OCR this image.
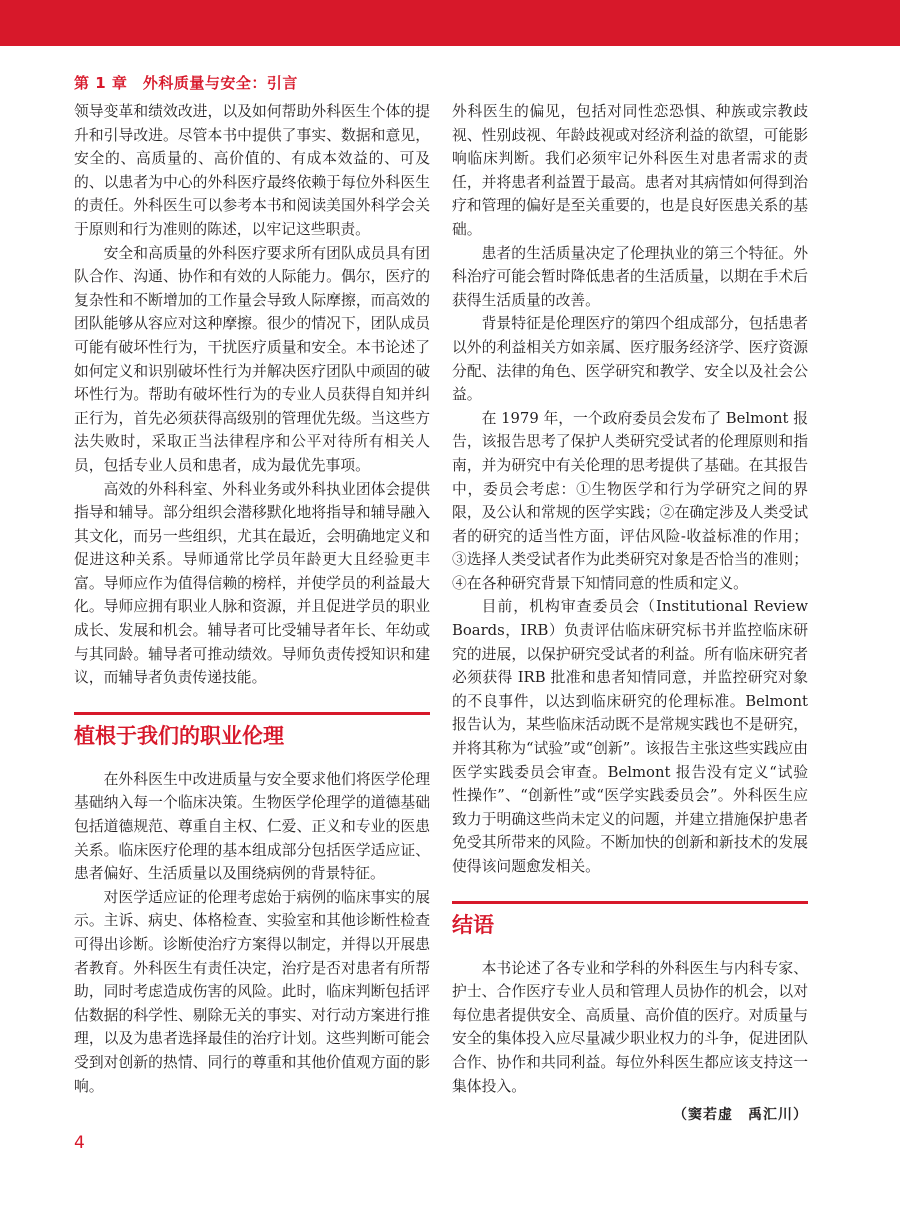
第 1 章　外科质量与安全：引言

领导变革和绩效改进，以及如何帮助外科医生个体的提升和引导改进。尽管本书中提供了事实、数据和意见，安全的、高质量的、高价值的、有成本效益的、可及的、以患者为中心的外科医疗最终依赖于每位外科医生的责任。外科医生可以参考本书和阅读美国外科学会关于原则和行为准则的陈述，以牢记这些职责。

安全和高质量的外科医疗要求所有团队成员具有团队合作、沟通、协作和有效的人际能力。偶尔，医疗的复杂性和不断增加的工作量会导致人际摩擦，而高效的团队能够从容应对这种摩擦。很少的情况下，团队成员可能有破坏性行为，干扰医疗质量和安全。本书论述了如何定义和识别破坏性行为并解决医疗团队中顽固的破坏性行为。帮助有破坏性行为的专业人员获得自知并纠正行为，首先必须获得高级别的管理优先级。当这些方法失败时，采取正当法律程序和公平对待所有相关人员，包括专业人员和患者，成为最优先事项。

高效的外科科室、外科业务或外科执业团体会提供指导和辅导。部分组织会潜移默化地将指导和辅导融入其文化，而另一些组织，尤其在最近，会明确地定义和促进这种关系。导师通常比学员年龄更大且经验更丰富。导师应作为值得信赖的榜样，并使学员的利益最大化。导师应拥有职业人脉和资源，并且促进学员的职业成长、发展和机会。辅导者可比受辅导者年长、年幼或与其同龄。辅导者可推动绩效。导师负责传授知识和建议，而辅导者负责传递技能。

植根于我们的职业伦理

在外科医生中改进质量与安全要求他们将医学伦理基础纳入每一个临床决策。生物医学伦理学的道德基础包括道德规范、尊重自主权、仁爱、正义和专业的医患关系。临床医疗伦理的基本组成部分包括医学适应证、患者偏好、生活质量以及围绕病例的背景特征。

对医学适应证的伦理考虑始于病例的临床事实的展示。主诉、病史、体格检查、实验室和其他诊断性检查可得出诊断。诊断使治疗方案得以制定，并得以开展患者教育。外科医生有责任决定，治疗是否对患者有所帮助，同时考虑造成伤害的风险。此时，临床判断包括评估数据的科学性、剔除无关的事实、对行动方案进行推理，以及为患者选择最佳的治疗计划。这些判断可能会受到对创新的热情、同行的尊重和其他价值观方面的影响。

外科医生的偏见，包括对同性恋恐惧、种族或宗教歧视、性别歧视、年龄歧视或对经济利益的欲望，可能影响临床判断。我们必须牢记外科医生对患者需求的责任，并将患者利益置于最高。患者对其病情如何得到治疗和管理的偏好是至关重要的，也是良好医患关系的基础。

患者的生活质量决定了伦理执业的第三个特征。外科治疗可能会暂时降低患者的生活质量，以期在手术后获得生活质量的改善。

背景特征是伦理医疗的第四个组成部分，包括患者以外的利益相关方如亲属、医疗服务经济学、医疗资源分配、法律的角色、医学研究和教学、安全以及社会公益。

在 1979 年，一个政府委员会发布了 Belmont 报告，该报告思考了保护人类研究受试者的伦理原则和指南，并为研究中有关伦理的思考提供了基础。在其报告中，委员会考虑：①生物医学和行为学研究之间的界限，及公认和常规的医学实践；②在确定涉及人类受试者的研究的适当性方面，评估风险-收益标准的作用；③选择人类受试者作为此类研究对象是否恰当的准则；④在各种研究背景下知情同意的性质和定义。

目前，机构审查委员会（Institutional Review Boards，IRB）负责评估临床研究标书并监控临床研究的进展，以保护研究受试者的利益。所有临床研究者必须获得 IRB 批准和患者知情同意，并监控研究对象的不良事件，以达到临床研究的伦理标准。Belmont 报告认为，某些临床活动既不是常规实践也不是研究，并将其称为“试验”或“创新”。该报告主张这些实践应由医学实践委员会审查。Belmont 报告没有定义“试验性操作”、“创新性”或“医学实践委员会”。外科医生应致力于明确这些尚未定义的问题，并建立措施保护患者免受其所带来的风险。不断加快的创新和新技术的发展使得该问题愈发相关。

结语

本书论述了各专业和学科的外科医生与内科专家、护士、合作医疗专业人员和管理人员协作的机会，以对每位患者提供安全、高质量、高价值的医疗。对质量与安全的集体投入应尽量减少职业权力的斗争，促进团队合作、协作和共同利益。每位外科医生都应该支持这一集体投入。

（窦若虚　禹汇川）
4
